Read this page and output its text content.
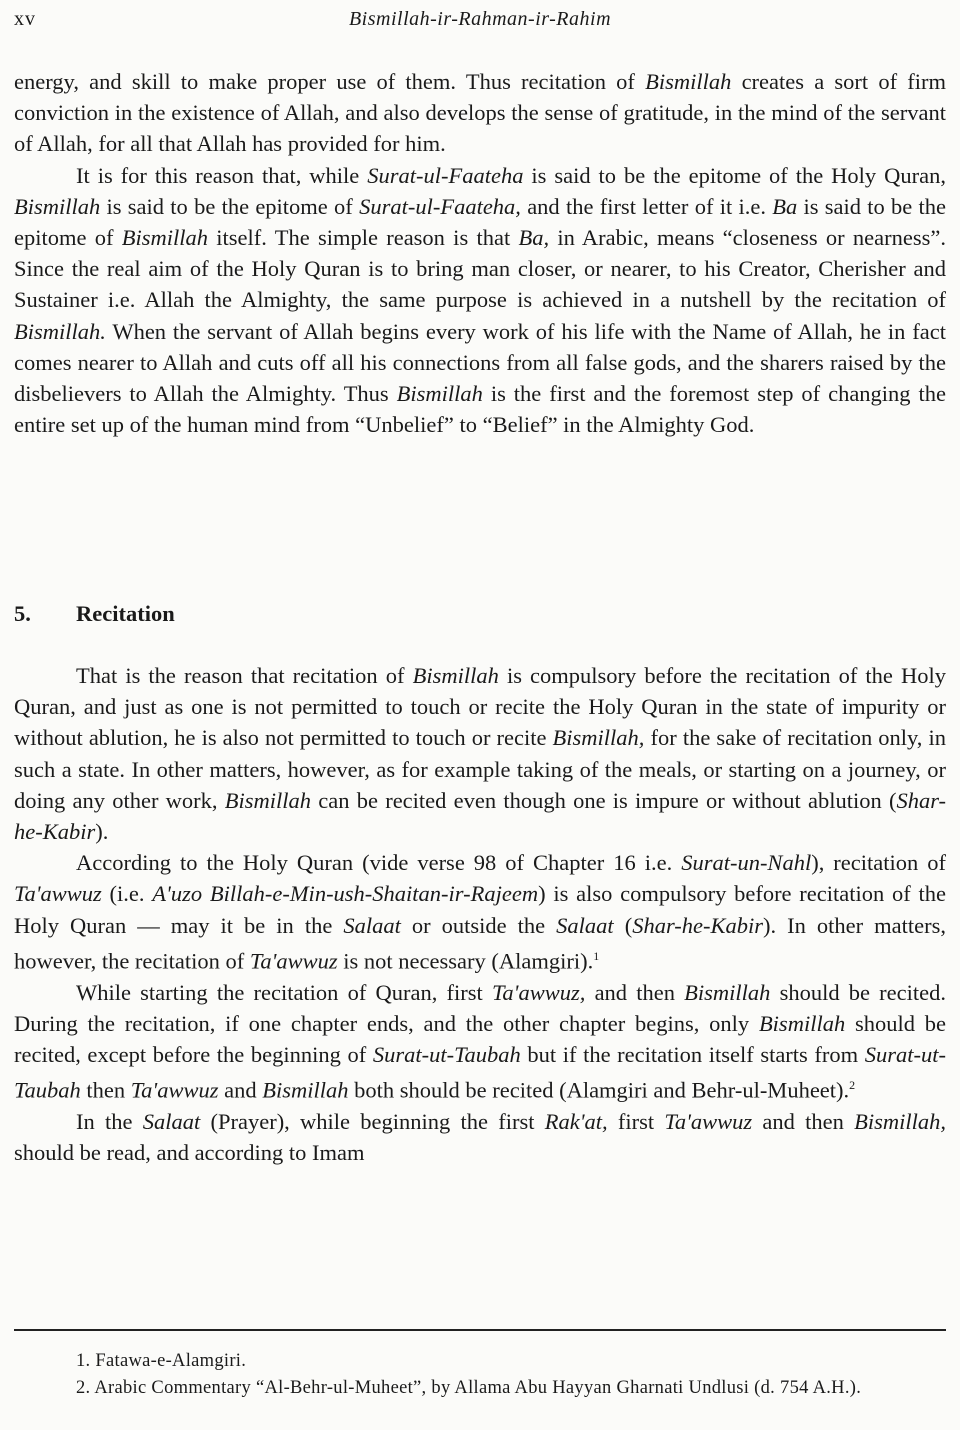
xv	Bismillah-ir-Rahman-ir-Rahim

energy, and skill to make proper use of them. Thus recitation of Bismillah creates a sort of firm conviction in the existence of Allah, and also develops the sense of gratitude, in the mind of the servant of Allah, for all that Allah has provided for him.

It is for this reason that, while Surat-ul-Faateha is said to be the epitome of the Holy Quran, Bismillah is said to be the epitome of Surat-ul-Faateha, and the first letter of it i.e. Ba is said to be the epitome of Bismillah itself. The simple reason is that Ba, in Arabic, means “closeness or nearness”. Since the real aim of the Holy Quran is to bring man closer, or nearer, to his Creator, Cherisher and Sustainer i.e. Allah the Almighty, the same purpose is achieved in a nutshell by the recitation of Bismillah. When the servant of Allah begins every work of his life with the Name of Allah, he in fact comes nearer to Allah and cuts off all his connections from all false gods, and the sharers raised by the disbelievers to Allah the Almighty. Thus Bismillah is the first and the foremost step of changing the entire set up of the human mind from “Unbelief” to “Belief” in the Almighty God.

5. Recitation

That is the reason that recitation of Bismillah is compulsory before the recitation of the Holy Quran, and just as one is not permitted to touch or recite the Holy Quran in the state of impurity or without ablution, he is also not permitted to touch or recite Bismillah, for the sake of recitation only, in such a state. In other matters, however, as for example taking of the meals, or starting on a journey, or doing any other work, Bismillah can be recited even though one is impure or without ablution (Shar-he-Kabir).

According to the Holy Quran (vide verse 98 of Chapter 16 i.e. Surat-un-Nahl), recitation of Ta'awwuz (i.e. A'uzo Billah-e-Min-ush-Shaitan-ir-Rajeem) is also compulsory before recitation of the Holy Quran — may it be in the Salaat or outside the Salaat (Shar-he-Kabir). In other matters, however, the recitation of Ta'awwuz is not necessary (Alamgiri).$^1$

While starting the recitation of Quran, first Ta'awwuz, and then Bismillah should be recited. During the recitation, if one chapter ends, and the other chapter begins, only Bismillah should be recited, except before the beginning of Surat-ut-Taubah but if the recitation itself starts from Surat-ut-Taubah then Ta'awwuz and Bismillah both should be recited (Alamgiri and Behr-ul-Muheet).$^2$

In the Salaat (Prayer), while beginning the first Rak'at, first Ta'awwuz and then Bismillah, should be read, and according to Imam

1. Fatawa-e-Alamgiri.

2. Arabic Commentary “Al-Behr-ul-Muheet”, by Allama Abu Hayyan Gharnati Undlusi (d. 754 A.H.).
